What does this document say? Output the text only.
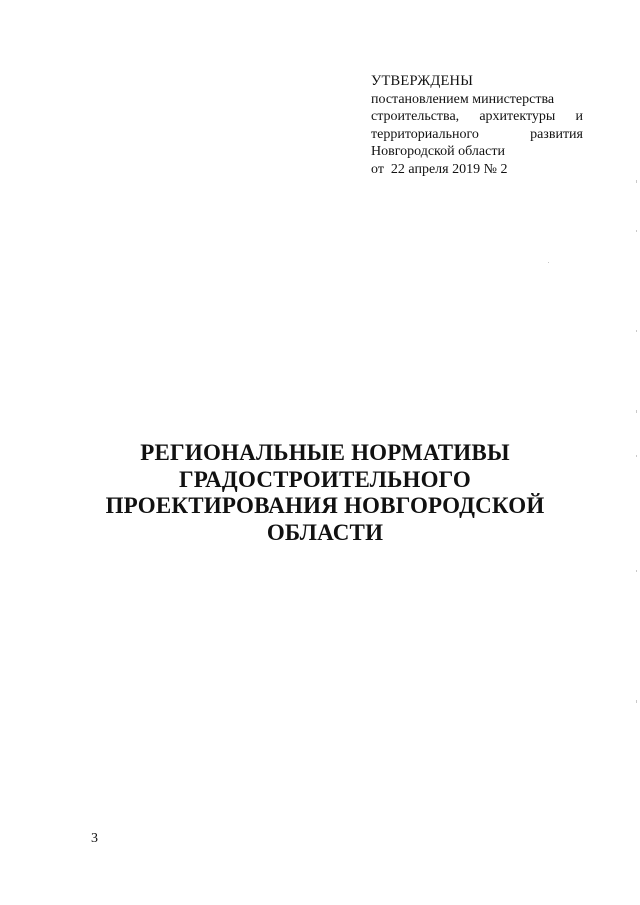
УТВЕРЖДЕНЫ
постановлением министерства
строительства, архитектуры и
территориального	развития
Новгородской области
от  22 апреля 2019 № 2
РЕГИОНАЛЬНЫЕ НОРМАТИВЫ
ГРАДОСТРОИТЕЛЬНОГО
ПРОЕКТИРОВАНИЯ НОВГОРОДСКОЙ
ОБЛАСТИ
3
